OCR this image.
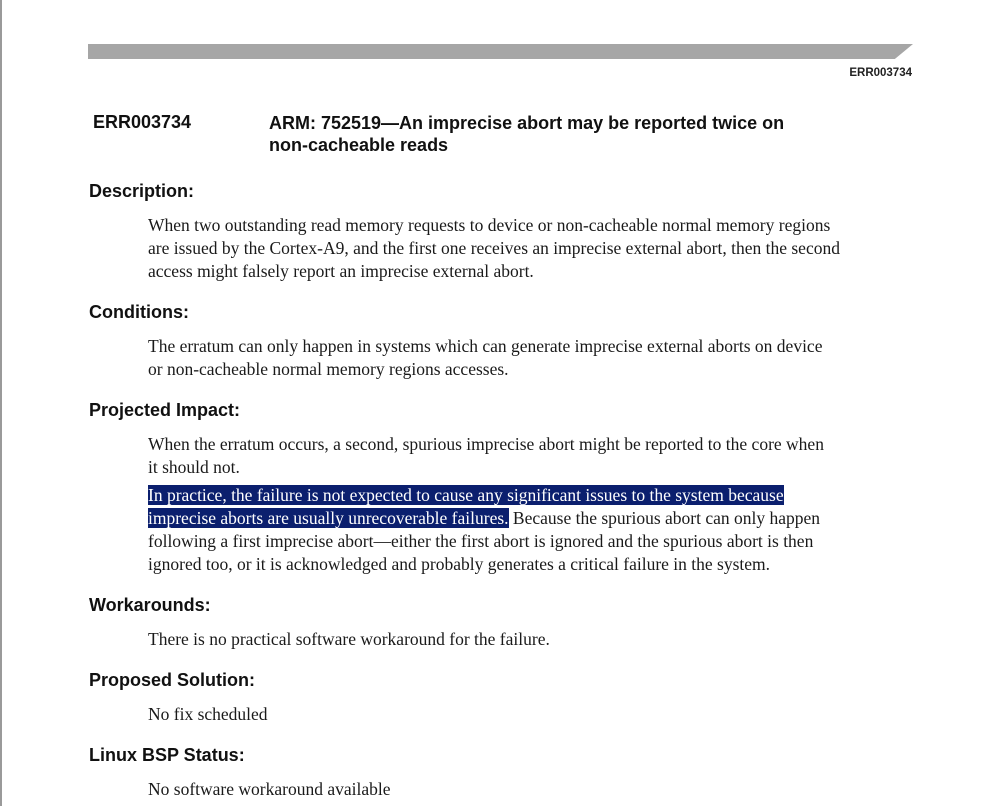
ERR003734
ERR003734	ARM: 752519—An imprecise abort may be reported twice on
non-cacheable reads
Description:
When two outstanding read memory requests to device or non-cacheable normal memory regions
are issued by the Cortex-A9, and the first one receives an imprecise external abort, then the second
access might falsely report an imprecise external abort.
Conditions:
The erratum can only happen in systems which can generate imprecise external aborts on device
or non-cacheable normal memory regions accesses.
Projected Impact:
When the erratum occurs, a second, spurious imprecise abort might be reported to the core when
it should not.
In practice, the failure is not expected to cause any significant issues to the system because
imprecise aborts are usually unrecoverable failures. Because the spurious abort can only happen
following a first imprecise abort—either the first abort is ignored and the spurious abort is then
ignored too, or it is acknowledged and probably generates a critical failure in the system.
Workarounds:
There is no practical software workaround for the failure.
Proposed Solution:
No fix scheduled
Linux BSP Status:
No software workaround available
